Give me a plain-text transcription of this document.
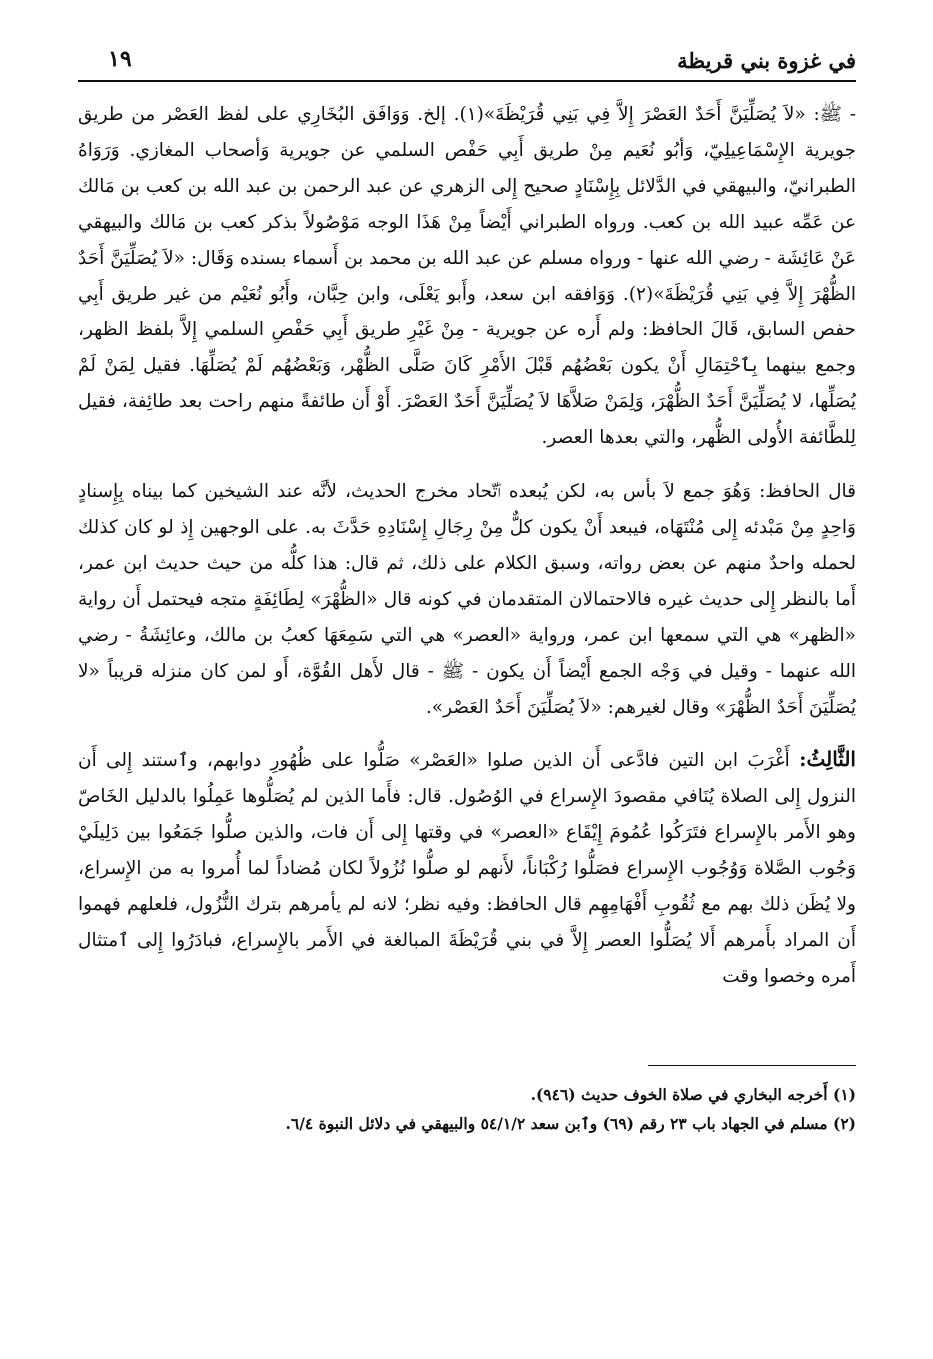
في غزوة بني قريظة
١٩

- ﷺ: «لاَ يُصَلِّيَنَّ أَحَدٌ العَصْرَ إِلاَّ فِي بَنِي قُرَيْظَةَ»(١). إلخ. وَوَافَق البُخَارِي على لفظ العَصْر من طريق جويرية الإِسْمَاعِيلِيّ، وَأبُو نُعَيم مِنْ طريق أَبِي حَفْص السلمي عن جويرية وَأصحاب المغازي. وَرَوَاهُ الطبرانيّ، والبيهقي في الدَّلائل بِإِسْنَادٍ صحيح إِلى الزهري عن عبد الرحمن بن عبد الله بن كعب بن مَالك عن عَمِّه عبيد الله بن كعب. ورواه الطبراني أَيْضاً مِنْ هَذَا الوجه مَوْصُولاً بذكر كعب بن مَالك والبيهقي عَنْ عَائِشَة - رضي الله عنها - ورواه مسلم عن عبد الله بن محمد بن أَسماء بسنده وَقَال: «لاَ يُصَلِّيَنَّ أَحَدٌ الظُّهْرَ إِلاَّ فِي بَنِي قُرَيْظَةَ»(٢). وَوَافقه ابن سعد، وأَبو يَعْلَى، وابن حِبَّان، وأَبُو نُعَيْم من غير طريق أَبِي حفص السابق، قَالَ الحافظ: ولم أَره عن جويرية - مِنْ غَيْرِ طريق أَبِي حَفْصِ السلمي إِلاَّ بلفظ الظهر، وجمع بينهما بِٱحْتِمَالِ أَنْ يكون بَعْضُهُم قَبْلَ الأَمْرِ كَانَ صَلَّى الظُّهْر، وَبَعْضُهُم لَمْ يُصَلِّهَا. فقيل لِمَنْ لَمْ يُصَلِّها، لا يُصَلِّيَنَّ أَحَدٌ الظُّهْرَ، وَلِمَنْ صَلاَّهَا لاَ يُصَلِّيَنَّ أَحَدٌ العَصْرَ. أَوْ أَن طائفةً منهم راحت بعد طائِفة، فقيل لِلطَّائفة الأُولى الظُّهر، والتي بعدها العصر.

قال الحافظ: وَهُوَ جمع لاَ بأس به، لكن يُبعده ٱتّحاد مخرج الحديث، لأنَّه عند الشيخين كما بيناه بِإِسنادٍ وَاحِدٍ مِنْ مَبْدئه إِلى مُنْتَهَاه، فيبعد أَنْ يكون كلٌّ مِنْ رِجَالِ إِسْنَادِهِ حَدَّثَ به. على الوجهين إِذ لو كان كذلك لحمله واحدٌ منهم عن بعض رواته، وسبق الكلام على ذلك، ثم قال: هذا كلُّه من حيث حديث ابن عمر، أَما بالنظر إِلى حديث غيره فالاحتمالان المتقدمان في كونه قال «الظُّهْرَ» لِطَائِفَةٍ متجه فيحتمل أَن رواية «الظهر» هي التي سمعها ابن عمر، ورواية «العصر» هي التي سَمِعَهَا كعبُ بن مالك، وعائِشَةُ - رضي الله عنهما - وقيل في وَجْه الجمع أَيْضاً أَن يكون - ﷺ - قال لأَهل القُوَّة، أَو لمن كان منزله قريباً «لا يُصَلِّيَنَ أَحَدٌ الظُّهْرَ» وقال لغيرهم: «لاَ يُصَلِّيَنَ أَحَدٌ العَصْر».

الثَّالِثُ: أَغْرَبَ ابن التين فادَّعى أَن الذين صلوا «العَصْر» صَلُّوا على ظُهُورِ دوابهم، وٱستند إِلى أَن النزول إِلى الصلاة يُنَافي مقصودَ الإِسراع في الوُصُول. قال: فأَما الذين لم يُصَلُّوها عَمِلُوا بالدليل الخَاصّ وهو الأَمر بالإِسراع فتَرَكُوا عُمُومَ إِيْقَاع «العصر» في وقتها إِلى أَن فات، والذين صلُّوا جَمَعُوا بين دَلِيلَيْ وَجُوب الصَّلاة وَوُجُوب الإِسراع فصَلُّوا رُكْبَاناً، لأَنهم لو صلُّوا نُزُولاً لكان مُضاداً لما أُمروا به من الإِسراع، ولا يُظَن ذلك بهم مع ثُقُوبِ أَفْهَامِهِم قال الحافظ: وفيه نظر؛ لانه لم يأمرهم بترك النُّزُول، فلعلهم فهموا أَن المراد بأَمرهم أَلا يُصَلُّوا العصر إِلاَّ في بني قُرَيْظَةَ المبالغة في الأَمر بالإِسراع، فبادَرُوا إِلى ٱمتثال أَمره وخصوا وقت

(١) أَخرجه البخاري في صلاة الخوف حديث (٩٤٦).
(٢) مسلم في الجهاد باب ٢٣ رقم (٦٩) وٱبن سعد ٥٤/١/٢ والبيهقي في دلائل النبوة ٦/٤.
